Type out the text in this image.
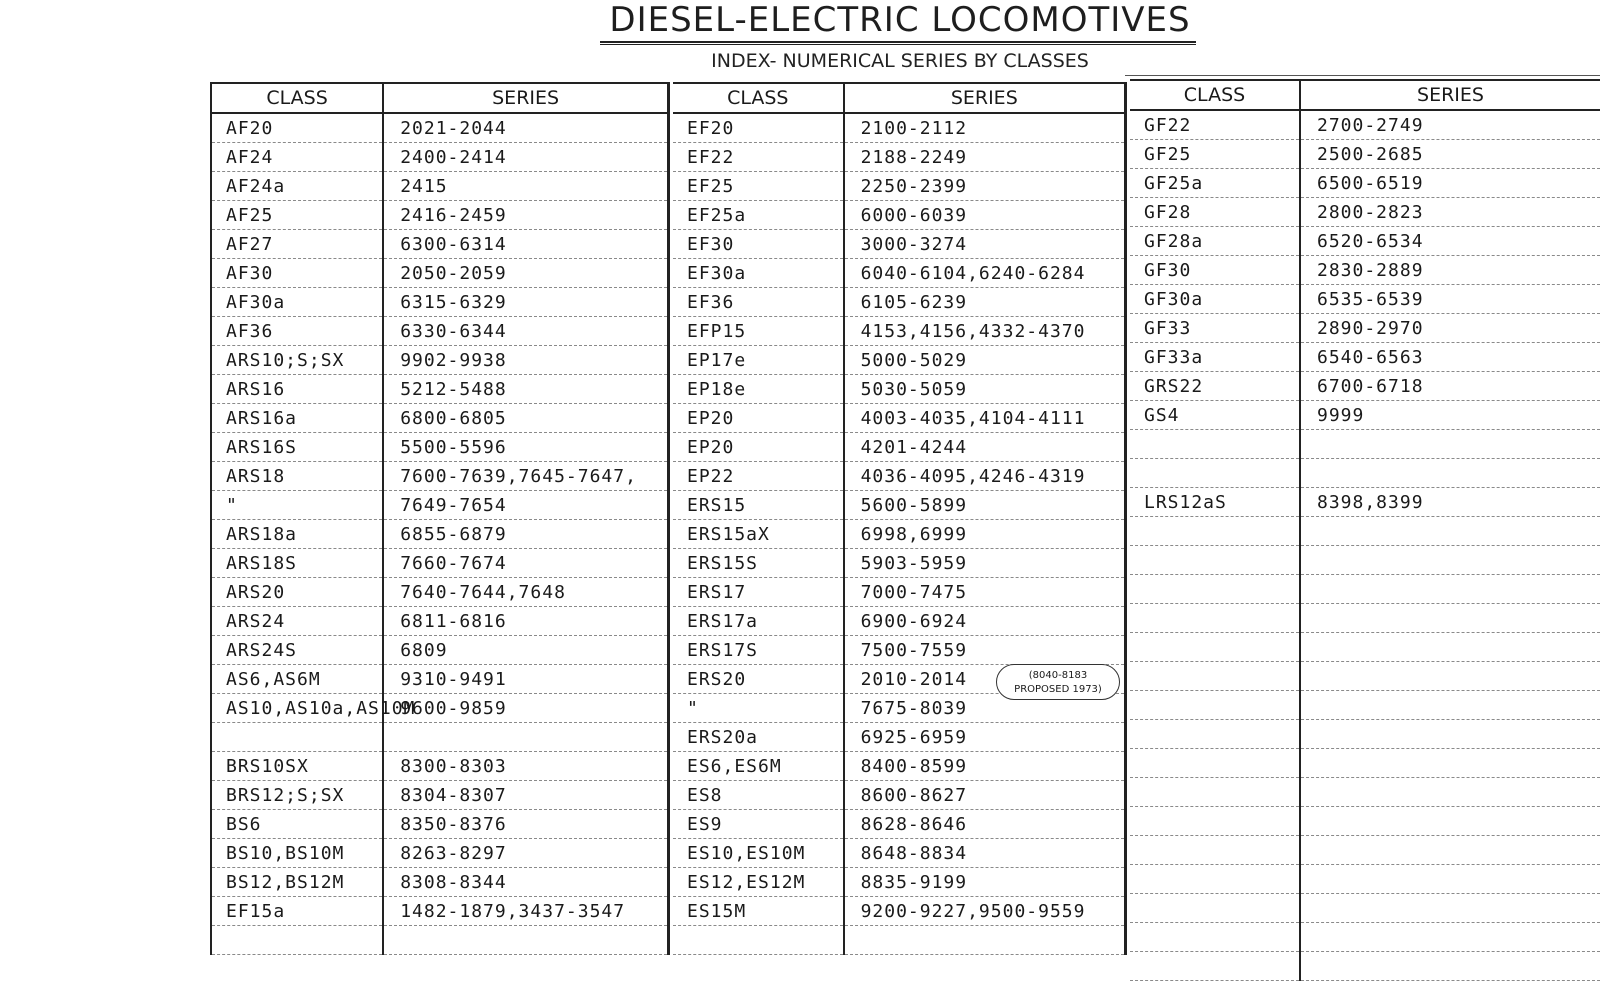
DIESEL-ELECTRIC LOCOMOTIVES
INDEX- NUMERICAL SERIES BY CLASSES
CLASS	SERIES
AF20	2021-2044
AF24	2400-2414
AF24a	2415
AF25	2416-2459
AF27	6300-6314
AF30	2050-2059
AF30a	6315-6329
AF36	6330-6344
ARS10;S;SX	9902-9938
ARS16	5212-5488
ARS16a	6800-6805
ARS16S	5500-5596
ARS18	7600-7639,7645-7647,
"	7649-7654
ARS18a	6855-6879
ARS18S	7660-7674
ARS20	7640-7644,7648
ARS24	6811-6816
ARS24S	6809
AS6,AS6M	9310-9491
AS10,AS10a,AS10M	9600-9859

BRS10SX	8300-8303
BRS12;S;SX	8304-8307
BS6	8350-8376
BS10,BS10M	8263-8297
BS12,BS12M	8308-8344
EF15a	1482-1879,3437-3547

CLASS	SERIES
EF20	2100-2112
EF22	2188-2249
EF25	2250-2399
EF25a	6000-6039
EF30	3000-3274
EF30a	6040-6104,6240-6284
EF36	6105-6239
EFP15	4153,4156,4332-4370
EP17e	5000-5029
EP18e	5030-5059
EP20	4003-4035,4104-4111
EP20	4201-4244
EP22	4036-4095,4246-4319
ERS15	5600-5899
ERS15aX	6998,6999
ERS15S	5903-5959
ERS17	7000-7475
ERS17a	6900-6924
ERS17S	7500-7559
ERS20	2010-2014
"	7675-8039
ERS20a	6925-6959
ES6,ES6M	8400-8599
ES8	8600-8627
ES9	8628-8646
ES10,ES10M	8648-8834
ES12,ES12M	8835-9199
ES15M	9200-9227,9500-9559

CLASS	SERIES
GF22	2700-2749
GF25	2500-2685
GF25a	6500-6519
GF28	2800-2823
GF28a	6520-6534
GF30	2830-2889
GF30a	6535-6539
GF33	2890-2970
GF33a	6540-6563
GRS22	6700-6718
GS4	9999

LRS12aS	8398,8399

(8040-8183
PROPOSED 1973)
